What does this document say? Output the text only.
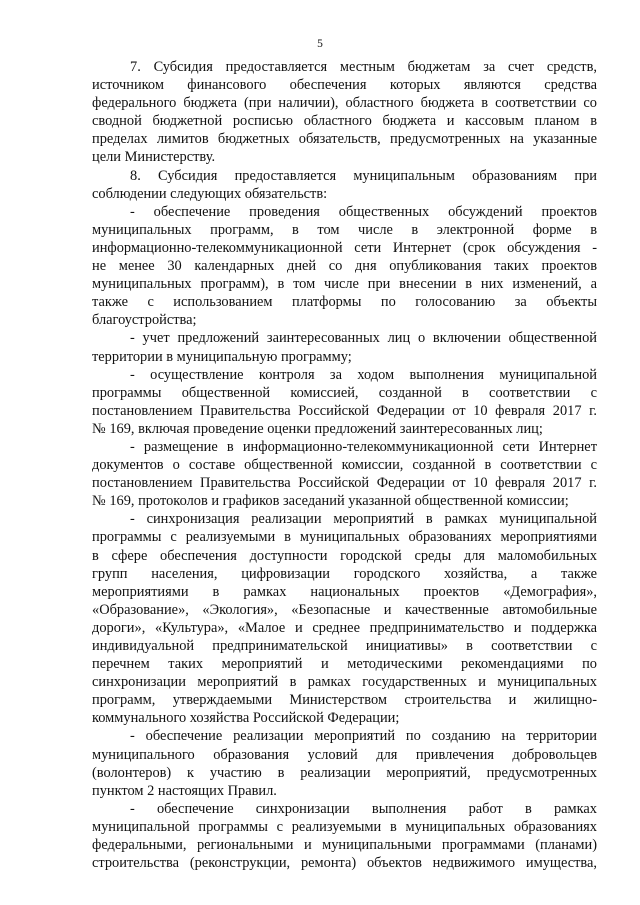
5
7. Субсидия предоставляется местным бюджетам за счет средств,
источником финансового обеспечения которых являются средства
федерального бюджета (при наличии), областного бюджета в соответствии со
сводной бюджетной росписью областного бюджета и кассовым планом в
пределах лимитов бюджетных обязательств, предусмотренных на указанные
цели Министерству.
8. Субсидия предоставляется муниципальным образованиям при
соблюдении следующих обязательств:
- обеспечение проведения общественных обсуждений проектов
муниципальных программ, в том числе в электронной форме в
информационно-телекоммуникационной сети Интернет (срок обсуждения -
не менее 30 календарных дней со дня опубликования таких проектов
муниципальных программ), в том числе при внесении в них изменений, а
также с использованием платформы по голосованию за объекты
благоустройства;
- учет предложений заинтересованных лиц о включении общественной
территории в муниципальную программу;
- осуществление контроля за ходом выполнения муниципальной
программы общественной комиссией, созданной в соответствии с
постановлением Правительства Российской Федерации от 10 февраля 2017 г.
№ 169, включая проведение оценки предложений заинтересованных лиц;
- размещение в информационно-телекоммуникационной сети Интернет
документов о составе общественной комиссии, созданной в соответствии с
постановлением Правительства Российской Федерации от 10 февраля 2017 г.
№ 169, протоколов и графиков заседаний указанной общественной комиссии;
- синхронизация реализации мероприятий в рамках муниципальной
программы с реализуемыми в муниципальных образованиях мероприятиями
в сфере обеспечения доступности городской среды для маломобильных
групп населения, цифровизации городского хозяйства, а также
мероприятиями в рамках национальных проектов «Демография»,
«Образование», «Экология», «Безопасные и качественные автомобильные
дороги», «Культура», «Малое и среднее предпринимательство и поддержка
индивидуальной предпринимательской инициативы» в соответствии с
перечнем таких мероприятий и методическими рекомендациями по
синхронизации мероприятий в рамках государственных и муниципальных
программ, утверждаемыми Министерством строительства и жилищно-
коммунального хозяйства Российской Федерации;
- обеспечение реализации мероприятий по созданию на территории
муниципального образования условий для привлечения добровольцев
(волонтеров) к участию в реализации мероприятий, предусмотренных
пунктом 2 настоящих Правил.
- обеспечение синхронизации выполнения работ в рамках
муниципальной программы с реализуемыми в муниципальных образованиях
федеральными, региональными и муниципальными программами (планами)
строительства (реконструкции, ремонта) объектов недвижимого имущества,
